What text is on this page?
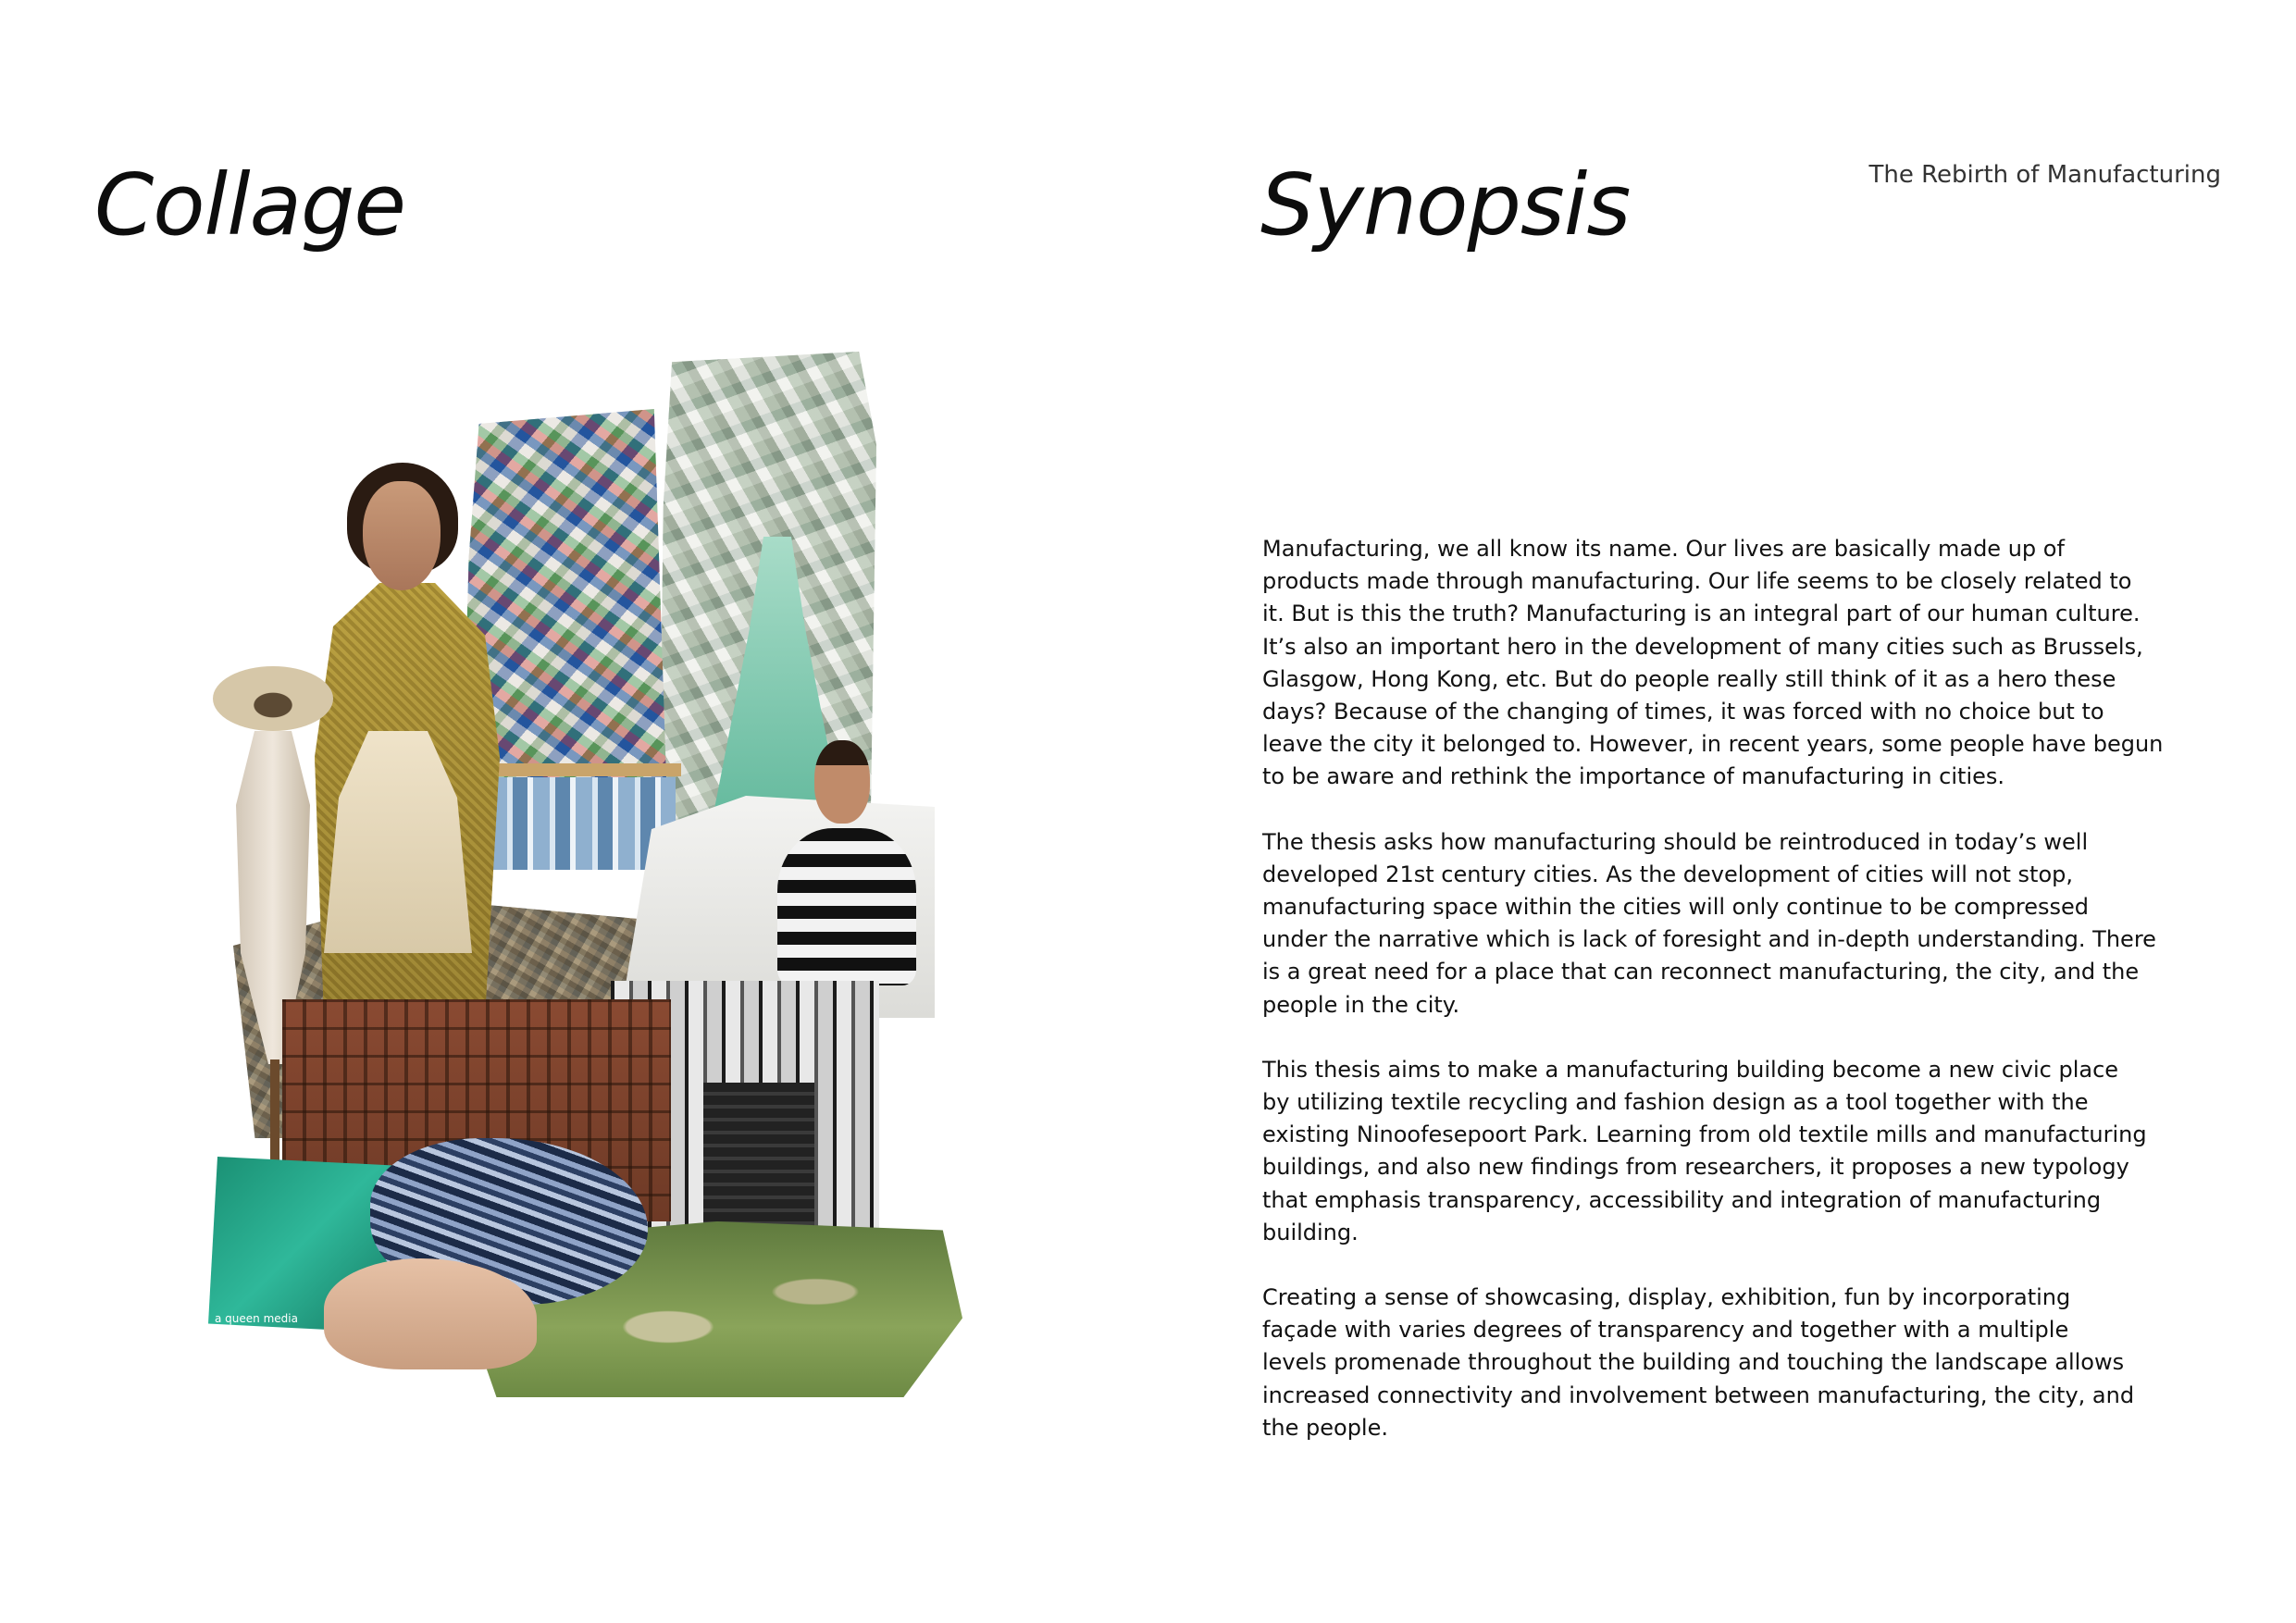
Collage	Synopsis	The Rebirth of Manufacturing
a queen media

Manufacturing, we all know its name. Our lives are basically made up of
products made through manufacturing. Our life seems to be closely related to
it. But is this the truth? Manufacturing is an integral part of our human culture.
It’s also an important hero in the development of many cities such as Brussels,
Glasgow, Hong Kong, etc. But do people really still think of it as a hero these
days? Because of the changing of times, it was forced with no choice but to
leave the city it belonged to. However, in recent years, some people have begun
to be aware and rethink the importance of manufacturing in cities.

The thesis asks how manufacturing should be reintroduced in today’s well
developed 21st century cities. As the development of cities will not stop,
manufacturing space within the cities will only continue to be compressed
under the narrative which is lack of foresight and in-depth understanding. There
is a great need for a place that can reconnect manufacturing, the city, and the
people in the city.

This thesis aims to make a manufacturing building become a new civic place
by utilizing textile recycling and fashion design as a tool together with the
existing Ninoofesepoort Park. Learning from old textile mills and manufacturing
buildings, and also new findings from researchers, it proposes a new typology
that emphasis transparency, accessibility and integration of manufacturing
building.

Creating a sense of showcasing, display, exhibition, fun by incorporating
façade with varies degrees of transparency and together with a multiple
levels promenade throughout the building and touching the landscape allows
increased connectivity and involvement between manufacturing, the city, and
the people.
